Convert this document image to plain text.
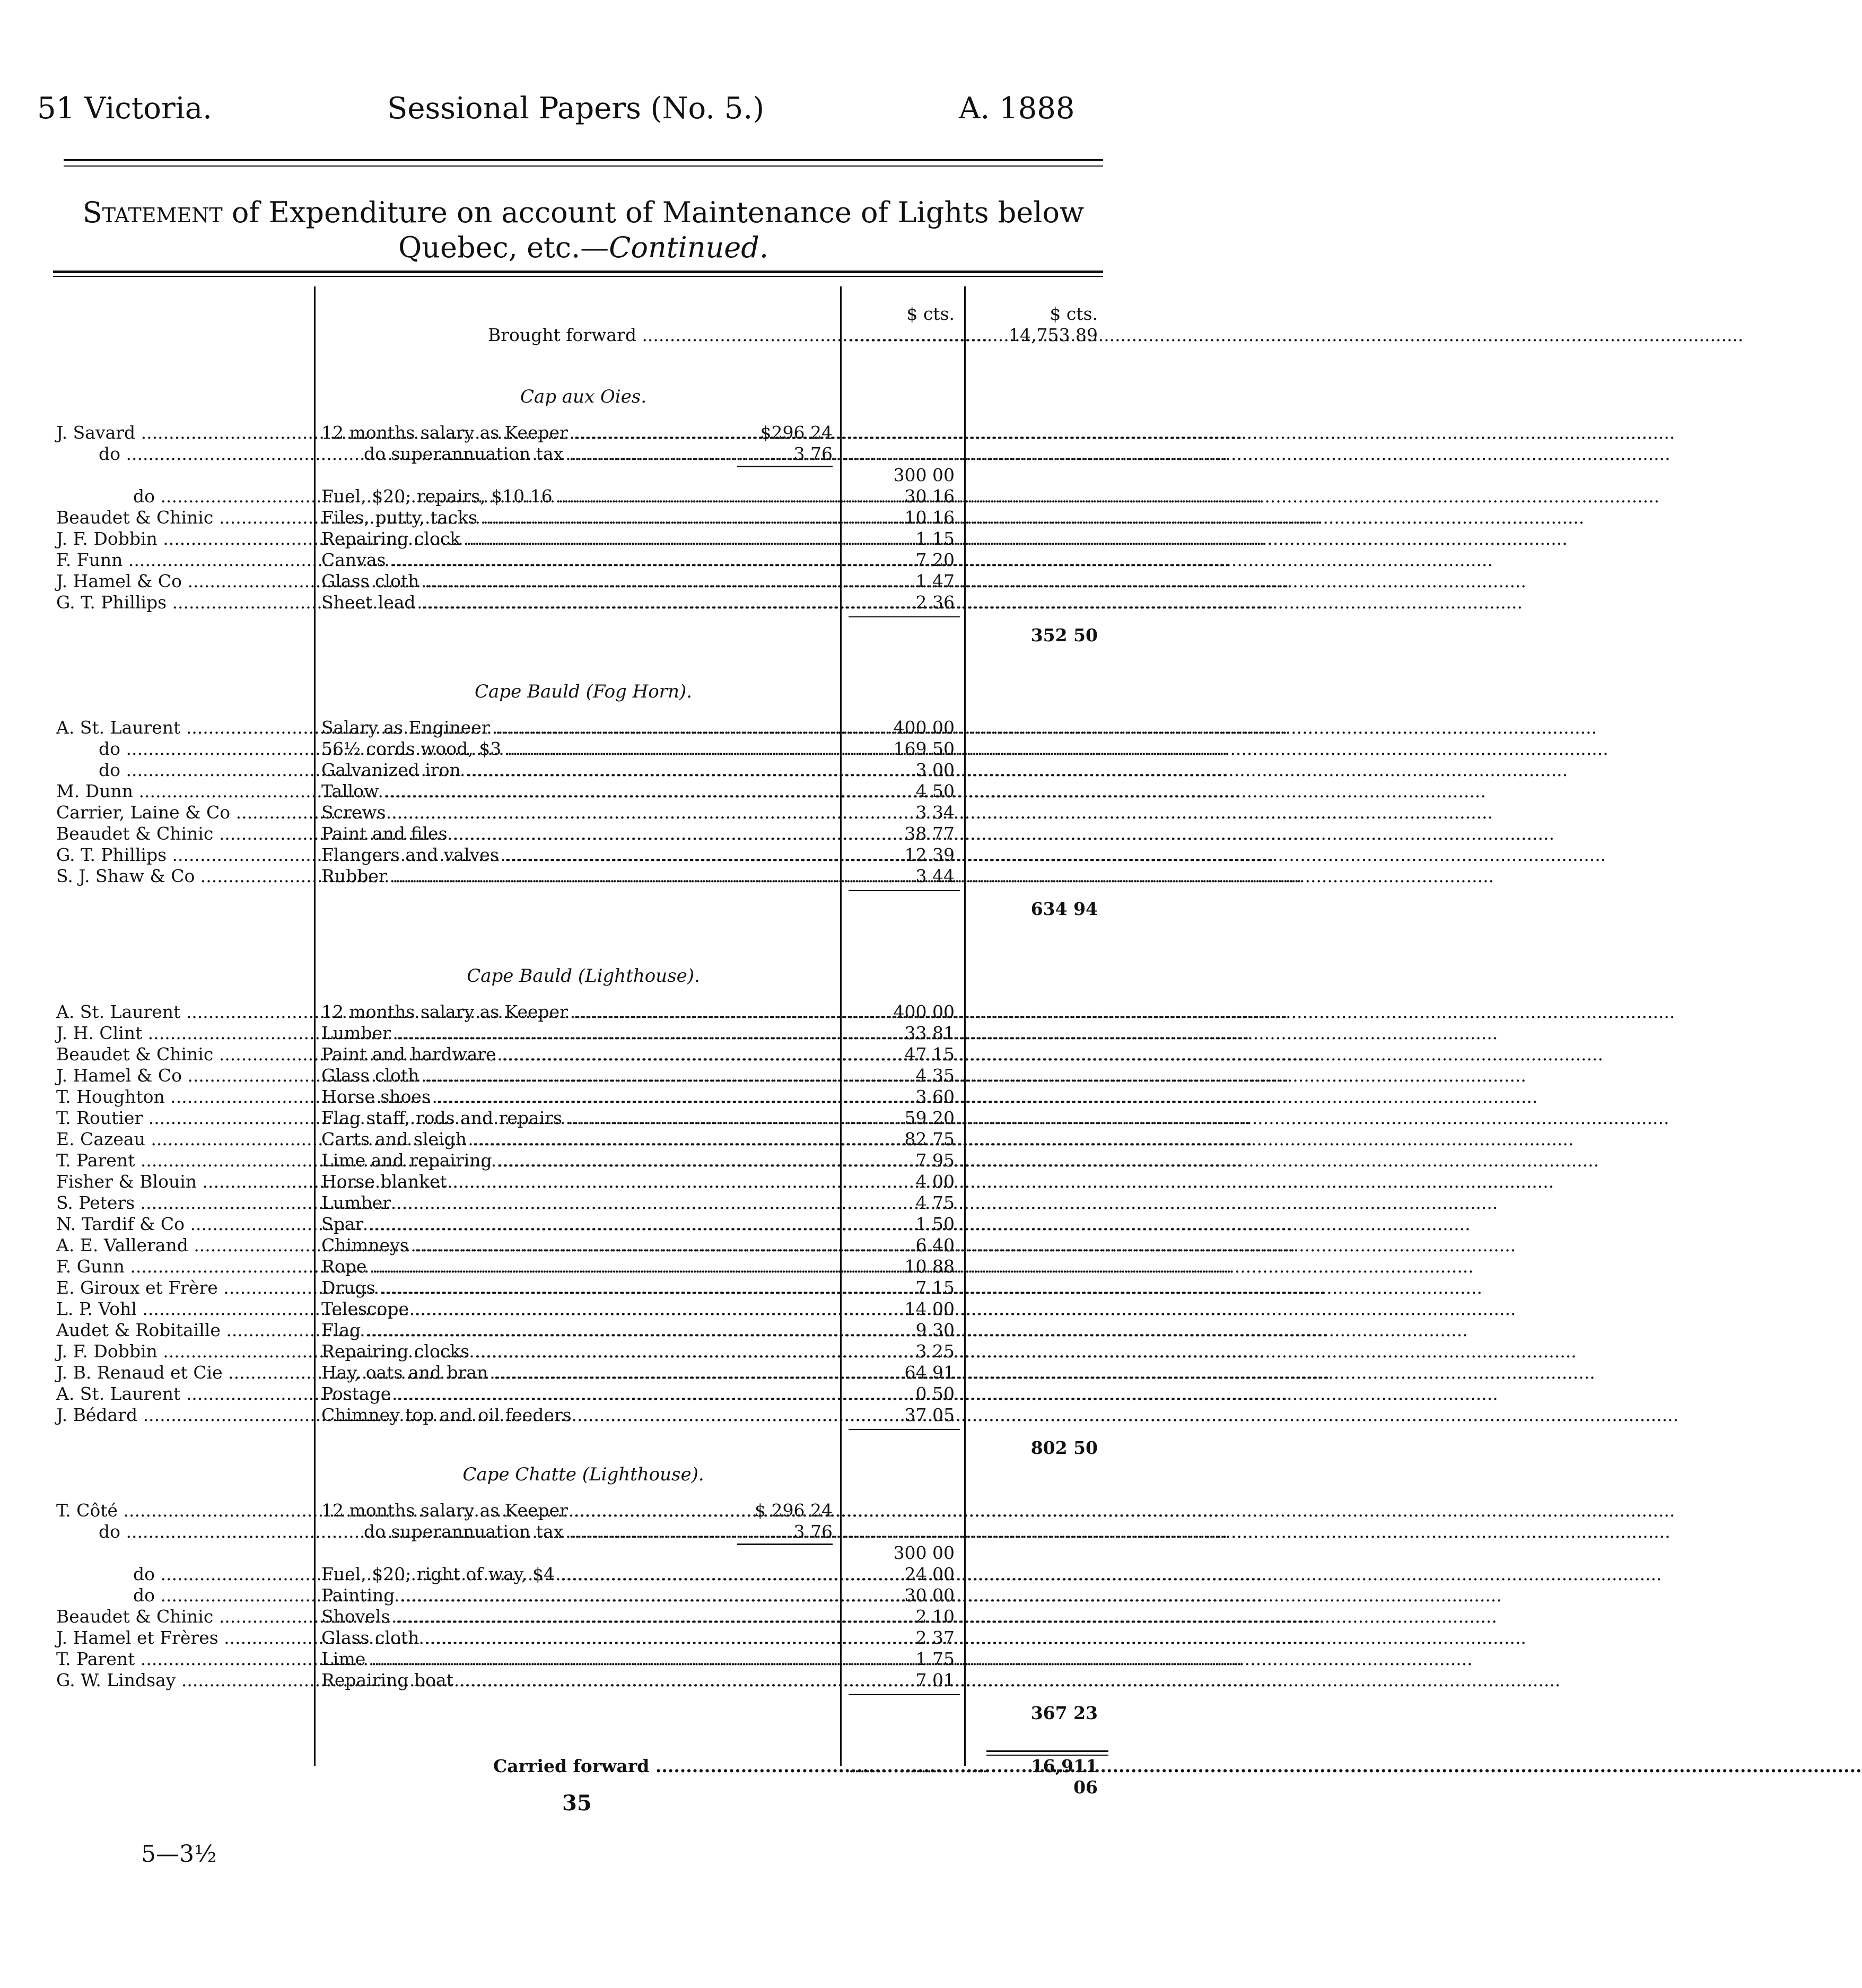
51 Victoria.	Sessional Papers (No. 5.)	A. 1888
Statement of Expenditure on account of Maintenance of Lights below
Quebec, etc.—Continued.
$ cts.	$ cts.
Brought forward .....	.........................	14,753 89
Cap aux Oies.
J. Savard .....	12 months salary as Keeper .....	$296 24
do .....	do superannuation tax .....	3 76
300 00
do .....	Fuel, $20; repairs, $10.16 .....	30 16
Beaudet & Chinic .....	Files, putty, tacks .....	10 16
J. F. Dobbin .....	Repairing clock .....	1 15
F. Funn .....	Canvas .....	7 20
J. Hamel & Co .....	Glass cloth .....	1 47
G. T. Phillips .....	Sheet lead .....	2 36
352 50
Cape Bauld (Fog Horn).
A. St. Laurent .....	Salary as Engineer .....	400 00
do .....	56½ cords wood, $3 .....	169 50
do .....	Galvanized iron .....	3 00
M. Dunn .....	Tallow .....	4 50
Carrier, Laine & Co .....	Screws .....	3 34
Beaudet & Chinic .....	Paint and files .....	38 77
G. T. Phillips .....	Flangers and valves .....	12 39
S. J. Shaw & Co .....	Rubber .....	3 44
634 94
Cape Bauld (Lighthouse).
A. St. Laurent .....	12 months salary as Keeper .....	400 00
J. H. Clint .....	Lumber .....	33 81
Beaudet & Chinic .....	Paint and hardware .....	47 15
J. Hamel & Co .....	Glass cloth .....	4 35
T. Houghton .....	Horse shoes .....	3 60
T. Routier .....	Flag staff, rods and repairs .....	59 20
E. Cazeau .....	Carts and sleigh .....	82 75
T. Parent .....	Lime and repairing .....	7 95
Fisher & Blouin .....	Horse blanket .....	4 00
S. Peters .....	Lumber .....	4 75
N. Tardif & Co .....	Spar .....	1 50
A. E. Vallerand .....	Chimneys .....	6 40
F. Gunn .....	Rope .....	10 88
E. Giroux et Frère .....	Drugs .....	7 15
L. P. Vohl .....	Telescope .....	14 00
Audet & Robitaille .....	Flag .....	9 30
J. F. Dobbin .....	Repairing clocks .....	3 25
J. B. Renaud et Cie .....	Hay, oats and bran .....	64 91
A. St. Laurent .....	Postage .....	0 50
J. Bédard .....	Chimney top and oil feeders .....	37 05
802 50
Cape Chatte (Lighthouse).
T. Côté .....	12 months salary as Keeper .....	$ 296 24
do .....	do superannuation tax .....	3 76
300 00
do .....	Fuel, $20; right of way, $4 .....	24 00
do .....	Painting .....	30 00
Beaudet & Chinic .....	Shovels .....	2 10
J. Hamel et Frères .....	Glass cloth .....	2 37
T. Parent .....	Lime .....	1 75
G. W. Lindsay .....	Repairing boat .....	7 01
367 23
Carried forward .....	.........................	16,911 06
35
5—3½
